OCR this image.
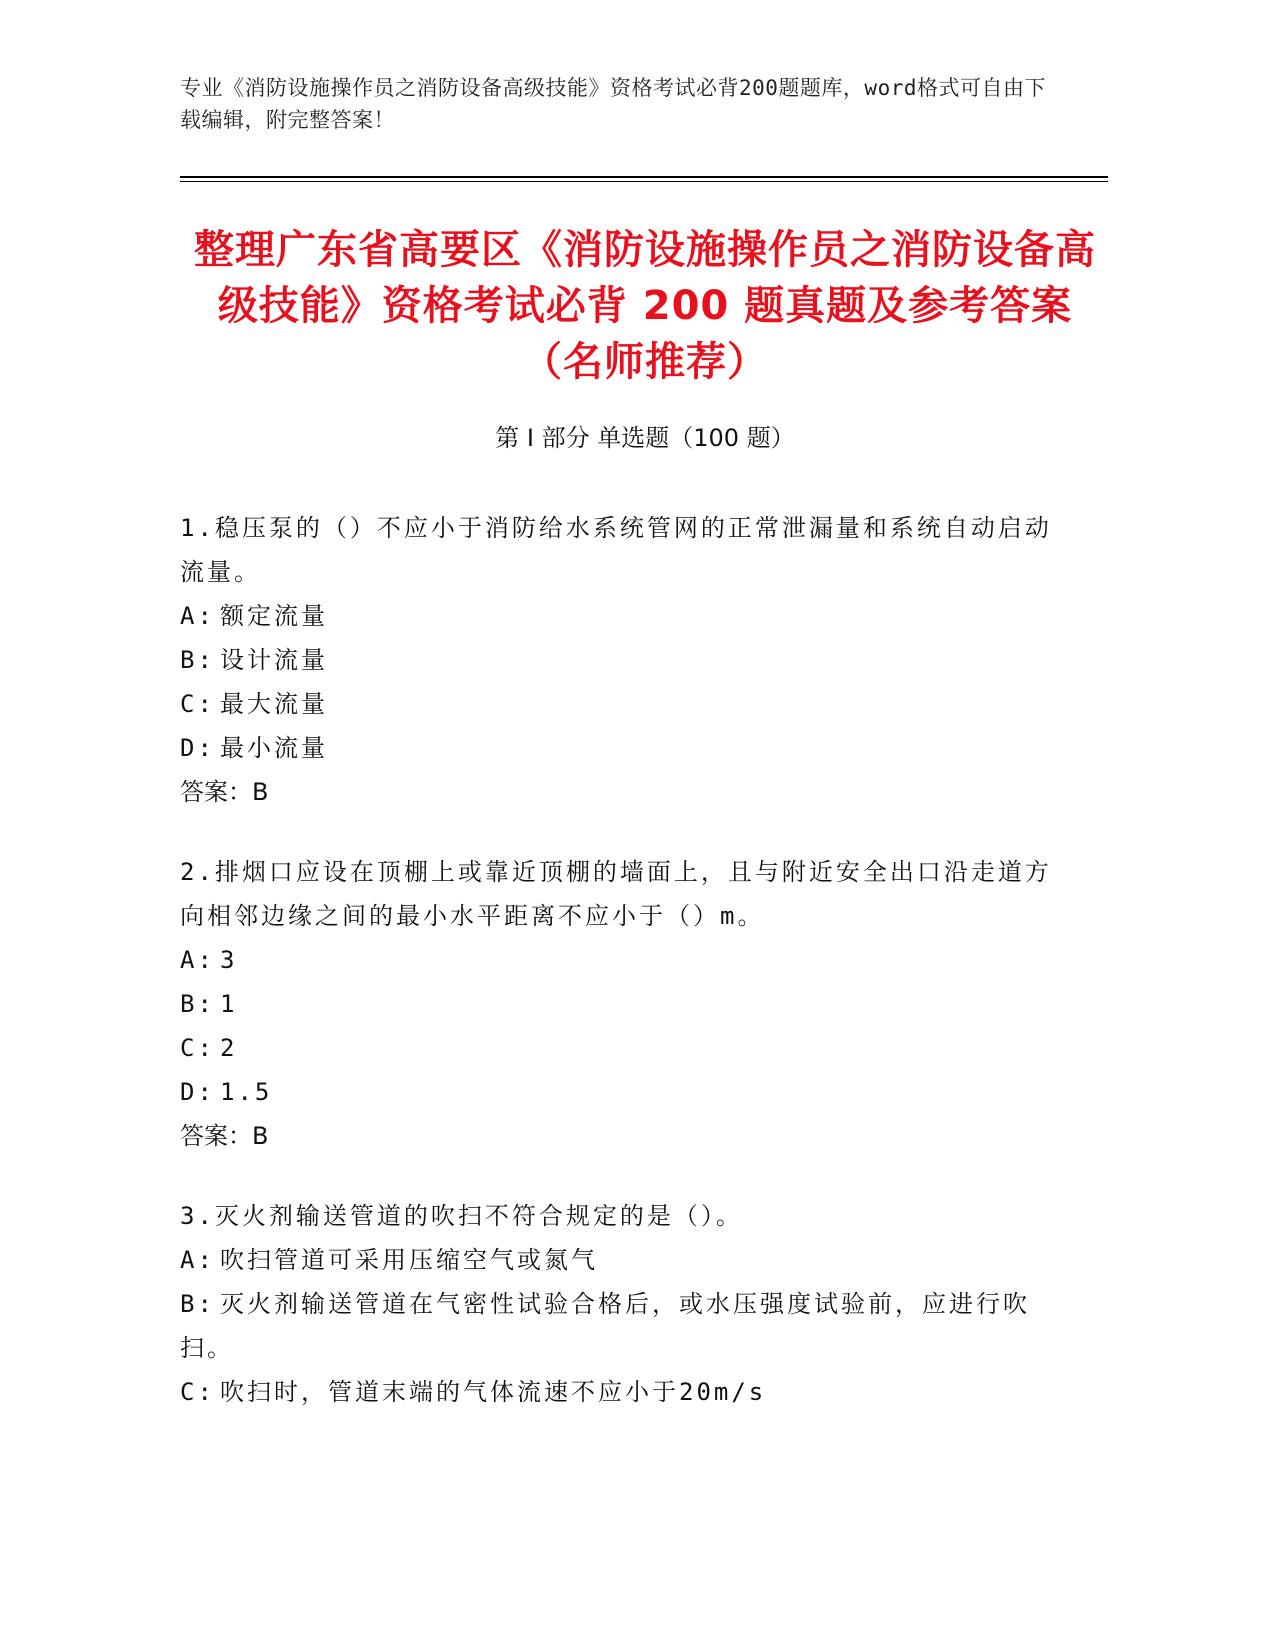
专业《消防设施操作员之消防设备高级技能》资格考试必背200题题库，word格式可自由下载编辑，附完整答案！
整理广东省高要区《消防设施操作员之消防设备高级技能》资格考试必背 200 题真题及参考答案（名师推荐）
第 I 部分 单选题（100 题）
1.稳压泵的（）不应小于消防给水系统管网的正常泄漏量和系统自动启动流量。
A: 额定流量
B: 设计流量
C: 最大流量
D: 最小流量
答案：B
2.排烟口应设在顶棚上或靠近顶棚的墙面上，且与附近安全出口沿走道方向相邻边缘之间的最小水平距离不应小于（）m。
A: 3
B: 1
C: 2
D: 1.5
答案：B
3.灭火剂输送管道的吹扫不符合规定的是（）。
A: 吹扫管道可采用压缩空气或氮气
B: 灭火剂输送管道在气密性试验合格后，或水压强度试验前，应进行吹扫。
C: 吹扫时，管道末端的气体流速不应小于20m/s
